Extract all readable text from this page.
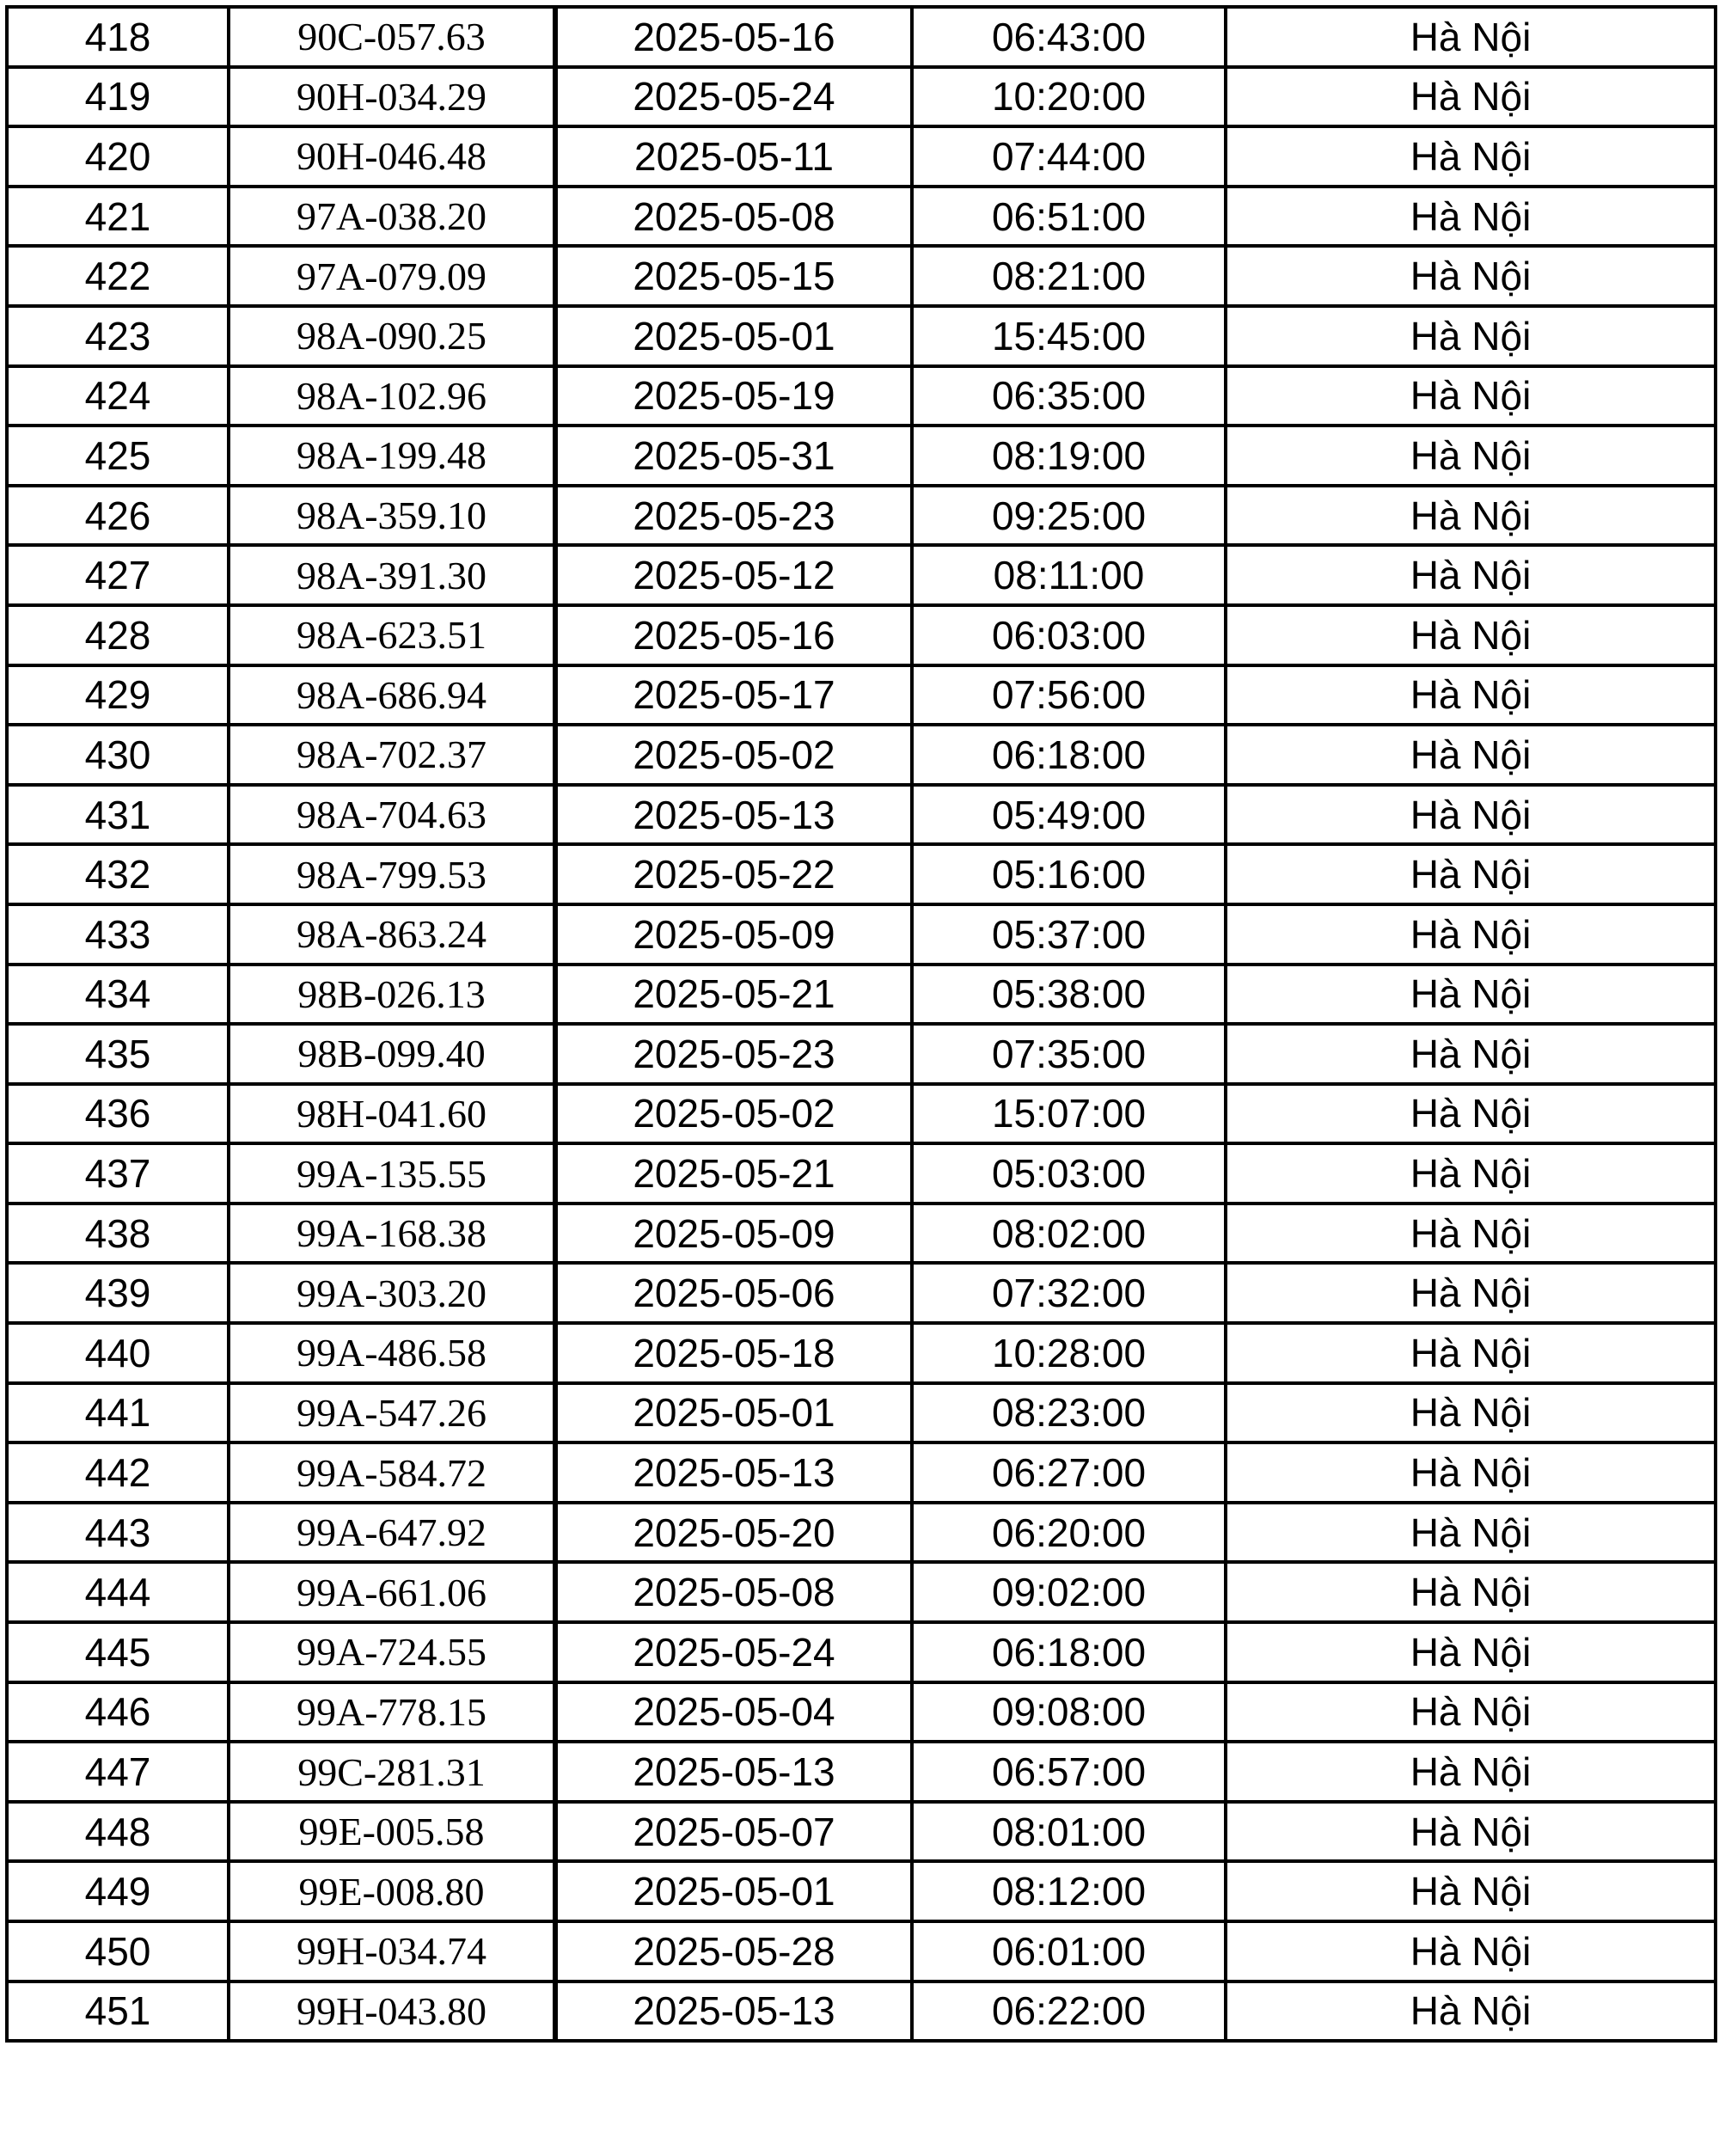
418	90C-057.63	2025-05-16	06:43:00	Hà Nội
419	90H-034.29	2025-05-24	10:20:00	Hà Nội
420	90H-046.48	2025-05-11	07:44:00	Hà Nội
421	97A-038.20	2025-05-08	06:51:00	Hà Nội
422	97A-079.09	2025-05-15	08:21:00	Hà Nội
423	98A-090.25	2025-05-01	15:45:00	Hà Nội
424	98A-102.96	2025-05-19	06:35:00	Hà Nội
425	98A-199.48	2025-05-31	08:19:00	Hà Nội
426	98A-359.10	2025-05-23	09:25:00	Hà Nội
427	98A-391.30	2025-05-12	08:11:00	Hà Nội
428	98A-623.51	2025-05-16	06:03:00	Hà Nội
429	98A-686.94	2025-05-17	07:56:00	Hà Nội
430	98A-702.37	2025-05-02	06:18:00	Hà Nội
431	98A-704.63	2025-05-13	05:49:00	Hà Nội
432	98A-799.53	2025-05-22	05:16:00	Hà Nội
433	98A-863.24	2025-05-09	05:37:00	Hà Nội
434	98B-026.13	2025-05-21	05:38:00	Hà Nội
435	98B-099.40	2025-05-23	07:35:00	Hà Nội
436	98H-041.60	2025-05-02	15:07:00	Hà Nội
437	99A-135.55	2025-05-21	05:03:00	Hà Nội
438	99A-168.38	2025-05-09	08:02:00	Hà Nội
439	99A-303.20	2025-05-06	07:32:00	Hà Nội
440	99A-486.58	2025-05-18	10:28:00	Hà Nội
441	99A-547.26	2025-05-01	08:23:00	Hà Nội
442	99A-584.72	2025-05-13	06:27:00	Hà Nội
443	99A-647.92	2025-05-20	06:20:00	Hà Nội
444	99A-661.06	2025-05-08	09:02:00	Hà Nội
445	99A-724.55	2025-05-24	06:18:00	Hà Nội
446	99A-778.15	2025-05-04	09:08:00	Hà Nội
447	99C-281.31	2025-05-13	06:57:00	Hà Nội
448	99E-005.58	2025-05-07	08:01:00	Hà Nội
449	99E-008.80	2025-05-01	08:12:00	Hà Nội
450	99H-034.74	2025-05-28	06:01:00	Hà Nội
451	99H-043.80	2025-05-13	06:22:00	Hà Nội
